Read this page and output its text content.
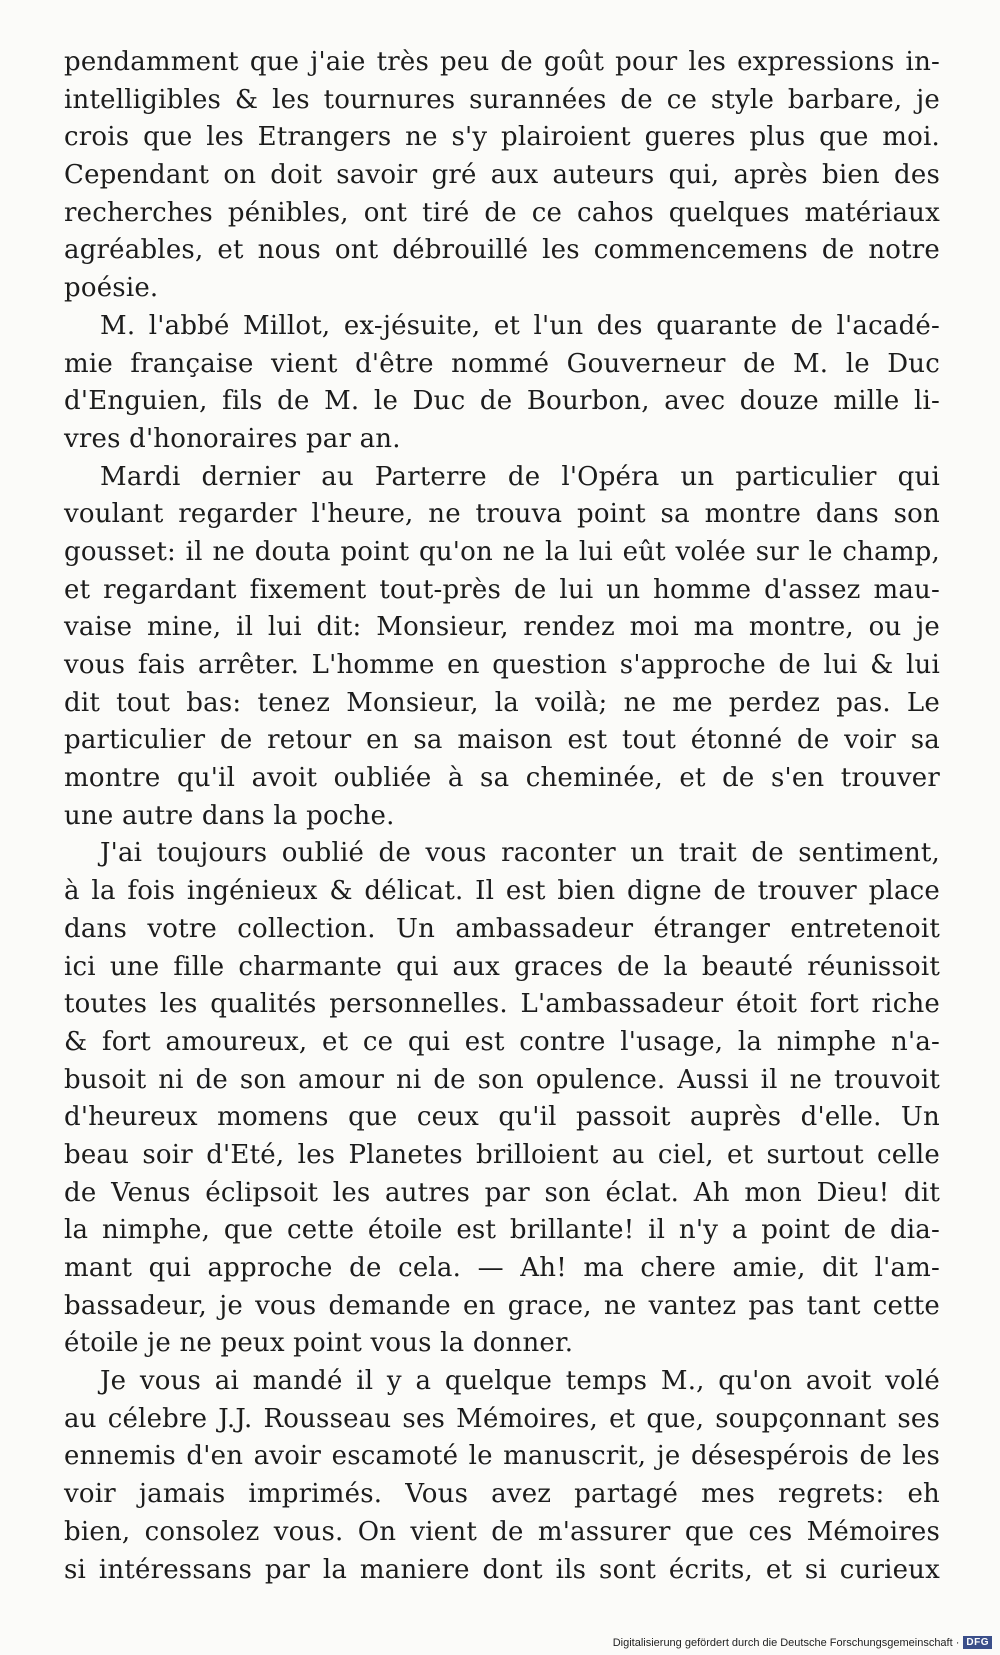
pendamment que j'aie très peu de goût pour les expressions in-
intelligibles & les tournures surannées de ce style barbare, je
crois que les Etrangers ne s'y plairoient gueres plus que moi.
Cependant on doit savoir gré aux auteurs qui, après bien des
recherches pénibles, ont tiré de ce cahos quelques matériaux
agréables, et nous ont débrouillé les commencemens de notre
poésie.
M. l'abbé Millot, ex-jésuite, et l'un des quarante de l'acadé-
mie française vient d'être nommé Gouverneur de M. le Duc
d'Enguien, fils de M. le Duc de Bourbon, avec douze mille li-
vres d'honoraires par an.
Mardi dernier au Parterre de l'Opéra un particulier qui
voulant regarder l'heure, ne trouva point sa montre dans son
gousset: il ne douta point qu'on ne la lui eût volée sur le champ,
et regardant fixement tout-près de lui un homme d'assez mau-
vaise mine, il lui dit: Monsieur, rendez moi ma montre, ou je
vous fais arrêter. L'homme en question s'approche de lui & lui
dit tout bas: tenez Monsieur, la voilà; ne me perdez pas. Le
particulier de retour en sa maison est tout étonné de voir sa
montre qu'il avoit oubliée à sa cheminée, et de s'en trouver
une autre dans la poche.
J'ai toujours oublié de vous raconter un trait de sentiment,
à la fois ingénieux & délicat. Il est bien digne de trouver place
dans votre collection. Un ambassadeur étranger entretenoit
ici une fille charmante qui aux graces de la beauté réunissoit
toutes les qualités personnelles. L'ambassadeur étoit fort riche
& fort amoureux, et ce qui est contre l'usage, la nimphe n'a-
busoit ni de son amour ni de son opulence. Aussi il ne trouvoit
d'heureux momens que ceux qu'il passoit auprès d'elle. Un
beau soir d'Eté, les Planetes brilloient au ciel, et surtout celle
de Venus éclipsoit les autres par son éclat. Ah mon Dieu! dit
la nimphe, que cette étoile est brillante! il n'y a point de dia-
mant qui approche de cela. — Ah! ma chere amie, dit l'am-
bassadeur, je vous demande en grace, ne vantez pas tant cette
étoile je ne peux point vous la donner.
Je vous ai mandé il y a quelque temps M., qu'on avoit volé
au célebre J.J. Rousseau ses Mémoires, et que, soupçonnant ses
ennemis d'en avoir escamoté le manuscrit, je désespérois de les
voir jamais imprimés. Vous avez partagé mes regrets: eh
bien, consolez vous. On vient de m'assurer que ces Mémoires
si intéressans par la maniere dont ils sont écrits, et si curieux
Digitalisierung gefördert durch die Deutsche Forschungsgemeinschaft · DFG
